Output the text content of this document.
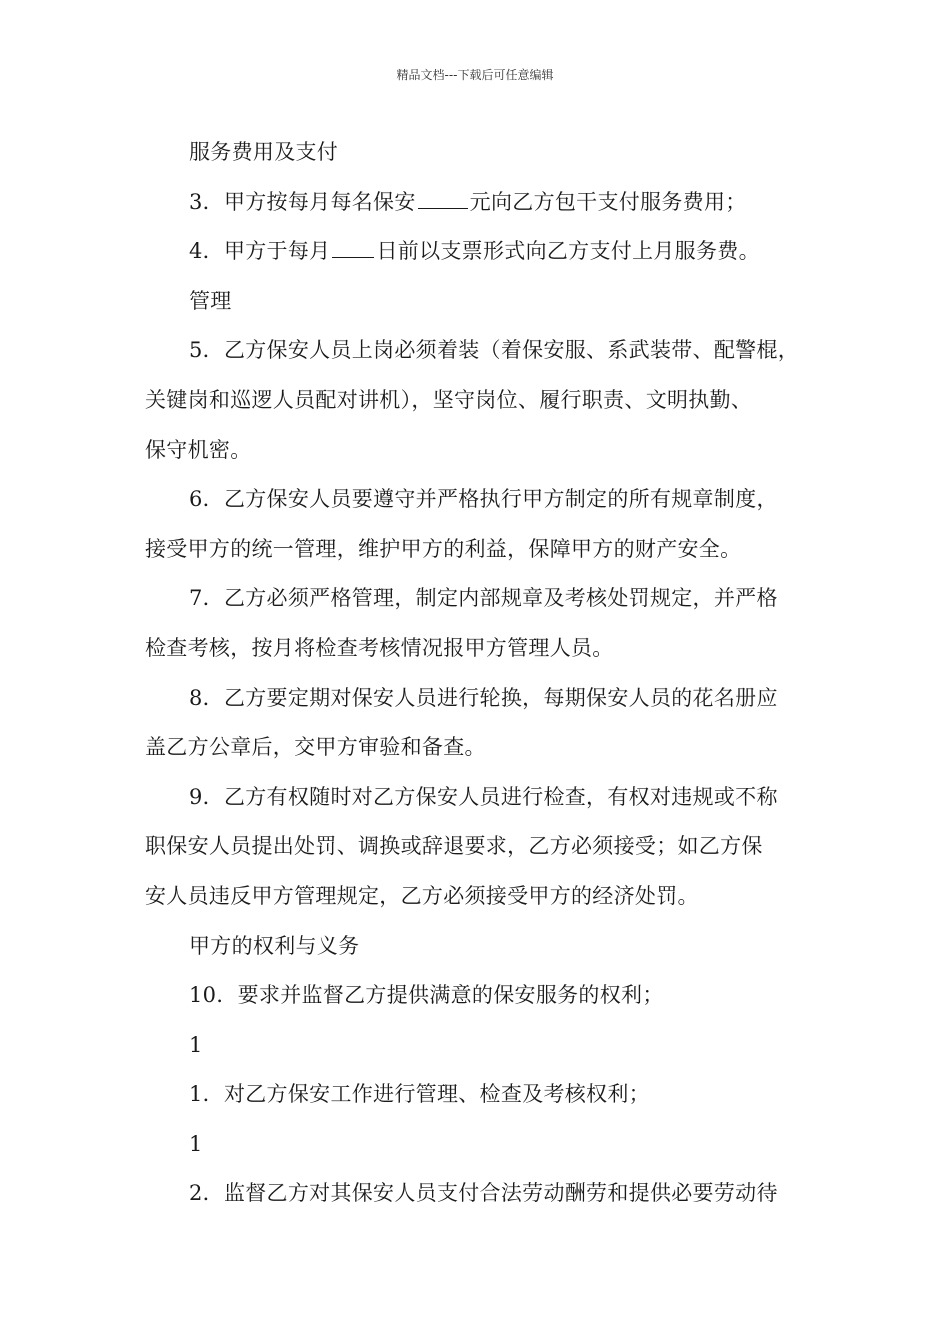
精品文档---下载后可任意编辑
服务费用及支付
3．甲方按每月每名保安	元向乙方包干支付服务费用；
4．甲方于每月 日前以支票形式向乙方支付上月服务费。
管理
5．乙方保安人员上岗必须着装（着保安服、系武装带、配警棍，
关键岗和巡逻人员配对讲机），坚守岗位、履行职责、文明执勤、
保守机密。
6．乙方保安人员要遵守并严格执行甲方制定的所有规章制度，
接受甲方的统一管理，维护甲方的利益，保障甲方的财产安全。
7．乙方必须严格管理，制定内部规章及考核处罚规定，并严格
检查考核，按月将检查考核情况报甲方管理人员。
8．乙方要定期对保安人员进行轮换，每期保安人员的花名册应
盖乙方公章后，交甲方审验和备查。
9．乙方有权随时对乙方保安人员进行检查，有权对违规或不称
职保安人员提出处罚、调换或辞退要求，乙方必须接受；如乙方保
安人员违反甲方管理规定，乙方必须接受甲方的经济处罚。
甲方的权利与义务
10．要求并监督乙方提供满意的保安服务的权利；
1
1．对乙方保安工作进行管理、检查及考核权利；
1
2．监督乙方对其保安人员支付合法劳动酬劳和提供必要劳动待
